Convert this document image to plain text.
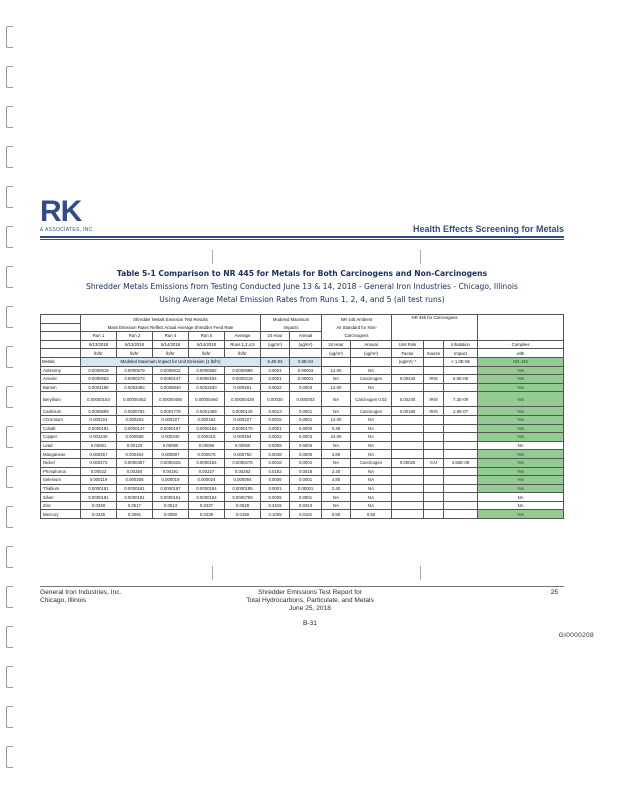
RK
& ASSOCIATES, INC.	Health Effects Screening for Metals
Table 5-1 Comparison to NR 445 for Metals for Both Carcinogens and Non-Carcinogens
Shredder Metals Emissions from Testing Conducted June 13 & 14, 2018 - General Iron Industries - Chicago, Illinois
Using Average Metal Emission Rates from Runs 1, 2, 4, and 5 (all test runs)
	Shredder Metals Emission Test Results					Modeled Maximum		NR 445 Ambient		NR 445 for Carcinogens			
	Mass Emission Rates Reflect Actual Average Shredder Feed Rate					Impacts		Air Standard for Non-					
	Run 1	Run 2	Run 4	Run 5	Average	24 Hour	Annual	Carcinogens					
	6/13/2018	6/13/2018	6/14/2018	6/14/2018	Runs 1,2,4,5	(ug/m³)	(ug/m³)	24 Hour	Annual	Unit Risk		Inhalation	Complies
	lb/hr	lb/hr	lb/hr	lb/hr	lb/hr			(ug/m³)	(ug/m³)	Factor	Source	Impact	with
Metals	Modeled Maximum Impact for Unit Emission (1 lb/hr)					5.4E-03	0.6E-04			(ug/m³)⁻¹		< 1.0E-06	NR 445
Antimony	0.0000519	0.0000579	0.0000612	0.0000592	0.0000589	0.0004	0.00004	12.00	NA				Yes
Arsenic	0.0000053	0.0000273	0.0000147	0.0000194	0.0000219	0.0001	0.00001	NA	Carcinogen	0.00430	IRIS	6.0E-08	Yes
Barium	0.0004186	0.0003483	0.0005840	0.0002630	0.000491	0.0032	0.0003	12.00	NA				Yes
Beryllium	0.00000154	0.00000453	0.00000485	0.00000460	0.00000438	0.00030	0.000003	NA	Carcinogen 0.02	0.00240	IRIS	7.2E-09	Yes
Cadmium	0.0000699	0.0000794	0.0001778	0.0001469	0.0000125	0.0013	0.0001	NA	Carcinogen	0.00180	IRIS	2.5E-07	Yes
Chromium	0.000224	0.000263	0.000227	0.000182	0.000227	0.0015	0.0001	12.00	NA				Yes
Cobalt	0.0000181	0.0000147	0.0000167	0.0000184	0.0000170	0.0001	0.0000	0.48	NA				Yes
Copper	0.002246	0.000588	0.000340	0.000316	0.000494	0.0032	0.0003	24.00	NA				Yes
Lead	0.00081	0.00133	0.00090	0.00056	0.00050	0.0058	0.0006	NA	NA				NA
Manganese	0.000467	0.000462	0.000597	0.000575	0.000750	0.0048	0.0005	4.80	NA				Yes
Nickel	0.000272	0.0000457	0.0000225	0.0000154	0.0000276	0.0018	0.0002	NA	Carcinogen	0.00026	CAI	4.55E-08	Yes
Phosphorus	0.00022	0.00350	0.00191	0.00227	0.00282	0.0182	0.0018	2.40	NA				Yes
Selenium	0.000119	0.000308	0.000019	0.000024	0.000094	0.0006	0.0001	4.80	NA				Yes
Thallium	0.0000181	0.0000181	0.0000187	0.0000184	0.0000185	0.0001	0.00001	2.40	NA				Yes
Silver	0.0000181	0.0000181	0.0000151	0.0000184	0.0000759	0.0005	0.0001	NA	NA				NA
Zinc	0.0348	0.0617	0.0513	0.0437	0.0528	0.3415	0.0343	NA	NA				NA
Mercury	0.0226	0.0091	0.0090	0.0239	0.0158	0.1005	0.0101	0.60	0.50				Yes
General Iron Industries, Inc.
Chicago, Illinois
Shredder Emissions Test Report for
Total Hydrocarbons, Particulate, and Metals
June 25, 2018
25
B-31
GI0000208
